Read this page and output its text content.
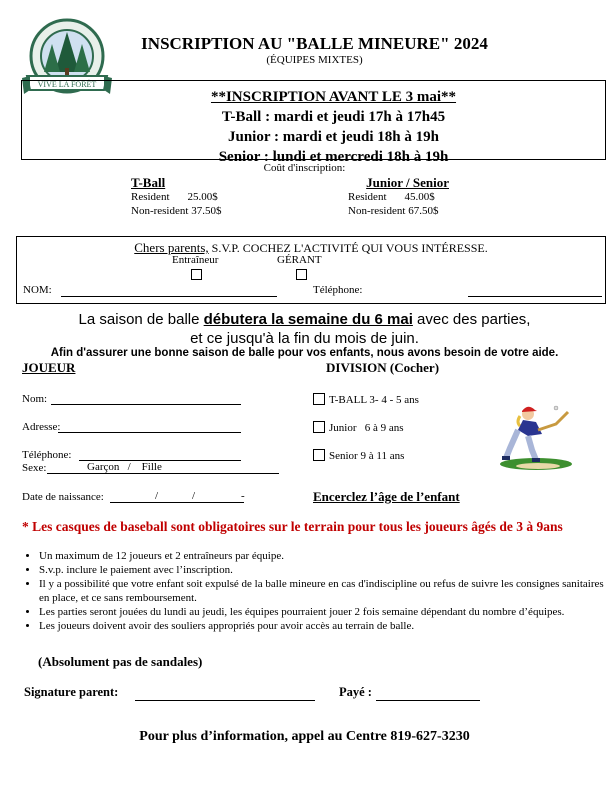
VIVE LA FORÊT
INSCRIPTION AU "BALLE MINEURE" 2024
(ÉQUIPES MIXTES)
**INSCRIPTION AVANT LE 3 mai**
T-Ball : mardi et jeudi 17h à 17h45
Junior : mardi et jeudi 18h à 19h
Senior : lundi et mercredi 18h à 19h
Coût d'inscription:
T-Ball
Resident 25.00$
Non-resident 37.50$
Junior / Senior
Resident 45.00$
Non-resident 67.50$
Chers parents, S.V.P. COCHEZ L'ACTIVITÉ QUI VOUS INTÉRESSE.
Entraîneur	GÉRANT
NOM:	Téléphone:
La saison de balle débutera la semaine du 6 mai avec des parties,
et ce jusqu'à la fin du mois de juin.
Afin d'assurer une bonne saison de balle pour vos enfants, nous avons besoin de votre aide.
JOUEUR	DIVISION (Cocher)
Nom:
Adresse:
Téléphone:
Sexe:	Garçon   /    Fille
Date de naissance:	/	/	-
T-BALL 3- 4 - 5 ans
Junior   6 à 9 ans
Senior 9 à 11 ans
Encerclez l’âge de l’enfant
* Les casques de baseball sont obligatoires sur le terrain pour tous les joueurs âgés de 3 à 9ans
• Un maximum de 12 joueurs et 2 entraîneurs par équipe.
• S.v.p. inclure le paiement avec l’inscription.
• Il y a possibilité que votre enfant soit expulsé de la balle mineure en cas d'indiscipline ou refus de suivre les consignes sanitaires en place, et ce sans remboursement.
• Les parties seront jouées du lundi au jeudi, les équipes pourraient jouer 2 fois semaine dépendant du nombre d’équipes.
• Les joueurs doivent avoir des souliers appropriés pour avoir accès au terrain de balle.
(Absolument pas de sandales)
Signature parent:	Payé :
Pour plus d’information, appel au Centre 819-627-3230
